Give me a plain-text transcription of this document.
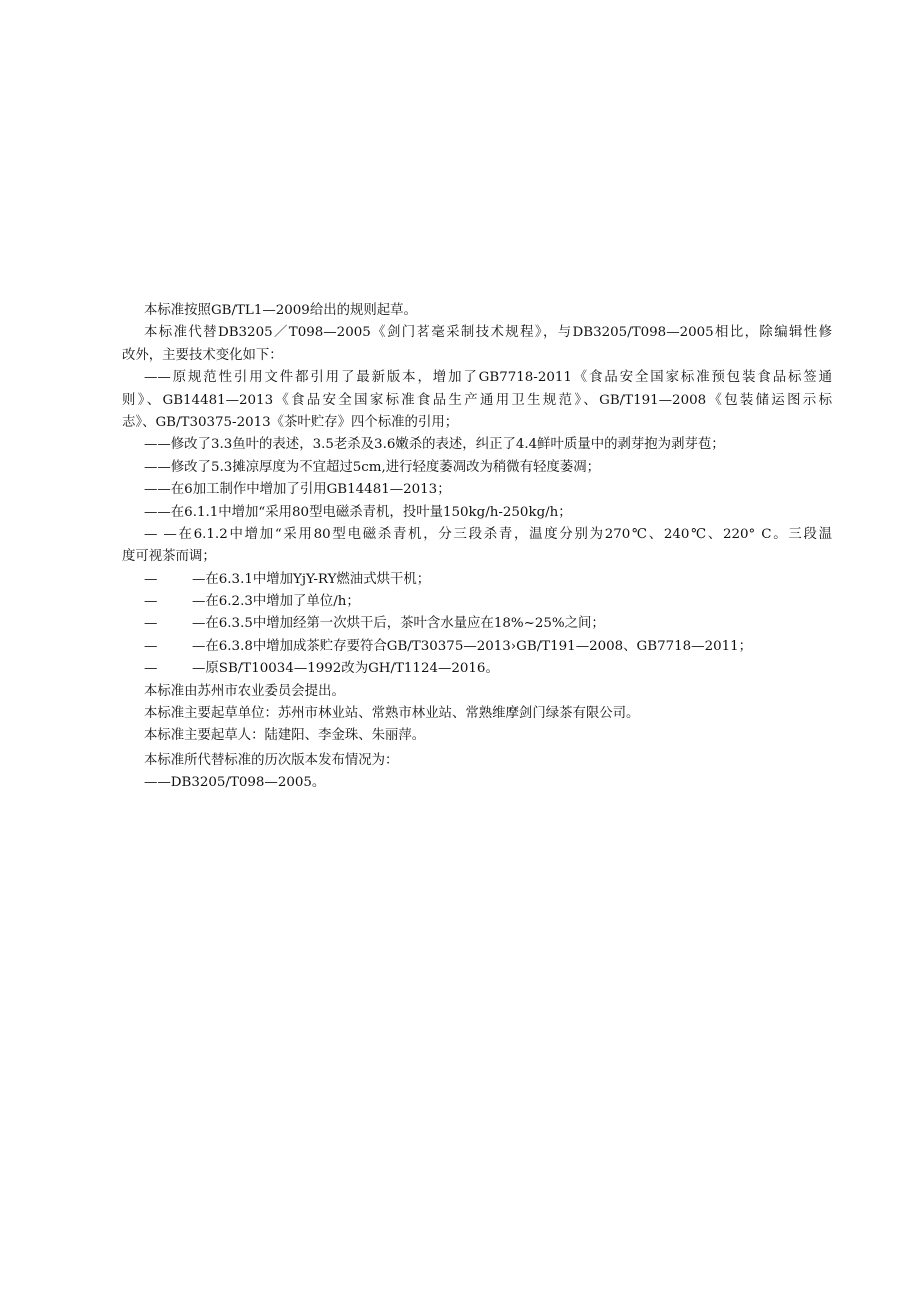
本标准按照GB/TL1—2009给出的规则起草。
本标准代替DB3205／T098—2005《剑门茗毫采制技术规程》，与DB3205/T098—2005相比，除编辑性修
改外，主要技术变化如下：
——原规范性引用文件都引用了最新版本，增加了GB7718-2011《食品安全国家标准预包装食品标签通
则》、GB14481—2013《食品安全国家标准食品生产通用卫生规范》、GB/T191—2008《包装储运图示标
志》、GB/T30375-2013《茶叶贮存》四个标准的引用；
——修改了3.3鱼叶的表述，3.5老杀及3.6嫩杀的表述，纠正了4.4鲜叶质量中的剥芽抱为剥芽苞；
——修改了5.3摊凉厚度为不宜超过5cm,进行轻度萎凋改为稍微有轻度萎凋；
——在6加工制作中增加了引用GB14481—2013；
——在6.1.1中增加“采用80型电磁杀青机，投叶量150kg/h-250kg/h；
— —在6.1.2中增加“采用80型电磁杀青机，分三段杀青，温度分别为270℃、240℃、220° C。三段温
度可视茶而调；
—	—在6.3.1中增加YjY-RY燃油式烘干机；
—	—在6.2.3中增加了单位/h；
—	—在6.3.5中增加经第一次烘干后，茶叶含水量应在18%~25%之间；
—	—在6.3.8中增加成茶贮存要符合GB/T30375—2013›GB/T191—2008、GB7718—2011；
—	—原SB/T10034—1992改为GH/T1124—2016。
本标准由苏州市农业委员会提出。
本标准主要起草单位：苏州市林业站、常熟市林业站、常熟维摩剑门绿茶有限公司。
本标准主要起草人：陆建阳、李金珠、朱丽萍。
本标准所代替标准的历次版本发布情况为：
——DB3205/T098—2005。
